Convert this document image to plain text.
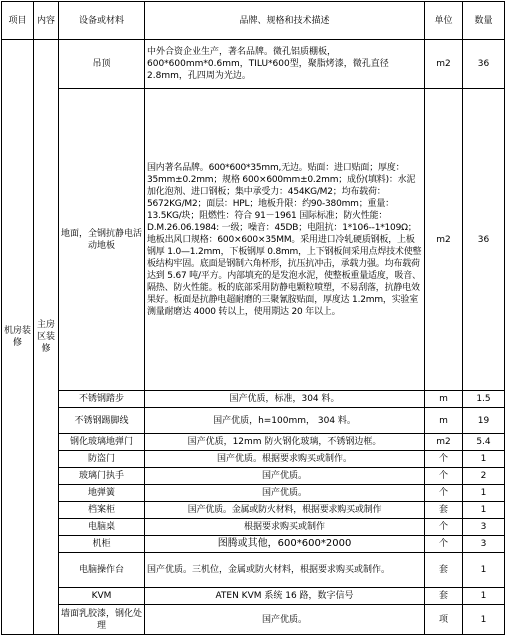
项目	内容	设备或材料	品牌、规格和技术描述	单位	数量
机房装修	主房区装修	吊顶	中外合资企业生产，著名品牌。微孔铝质棚板，600*600mm*0.6mm，TILU*600型，聚脂烤漆，微孔直径 2.8mm，孔四周为光边。	m2	36
		地面，全钢抗静电活动地板	国内著名品牌。600*600*35mm,无边。贴面：进口贴面；厚度：35mm±0.2mm；规格 600×600mm±0.2mm；成份(填料)：水泥加化泡剂、进口钢板；集中承受力：454KG/M2；均布载荷：5672KG/M2；面层：HPL；地板升限：约90-380mm；重量：13.5KG/块；阻燃性：符合 91－1961 国际标准；防火性能：D.M.26.06.1984: 一级；噪音：45DB；电阻抗：1*106--1*109Ω；地板出风口规格：600×600×35MM。采用进口冷轧硬质钢板，上板钢厚 1.0—1.2mm，下板钢厚 0.8mm，上下钢板间采用点焊技术使整板结构牢固。底面是钢制六角杯形，抗压抗冲击，承载力强。均布载荷达到 5.67 吨/平方。内部填充的是发泡水泥，使整板重量适度，吸音、隔热、防火性能。板的底部采用防静电颗粒喷塑，不易刮落，抗静电效果好。板面是抗静电超耐磨的三聚氰胺贴面，厚度达 1.2mm，实验室测量耐磨达 4000 转以上，使用期达 20 年以上。	m2	36
		不锈钢踏步	国产优质，标准，304 料。	m	1.5
		不锈钢踢脚线	国产优质，h=100mm， 304 料。	m	19
		钢化玻璃地弹门	国产优质，12mm 防火钢化玻璃，不锈钢边框。	m2	5.4
		防盗门	国产优质。根据要求购买或制作。	个	1
		玻璃门执手	国产优质。	个	2
		地弹簧	国产优质。	个	1
		档案柜	国产优质。金属或防火材料，根据要求购买或制作	套	1
		电脑桌	根据要求购买或制作	个	3
		机柜	图腾或其他，600*600*2000	个	3
		电脑操作台	国产优质。三机位，金属或防火材料，根据要求购买或制作。	套	1
		KVM	ATEN KVM 系统 16 路，数字信号	套	1
		墙面乳胶漆，钢化处理	国产优质。	项	1
